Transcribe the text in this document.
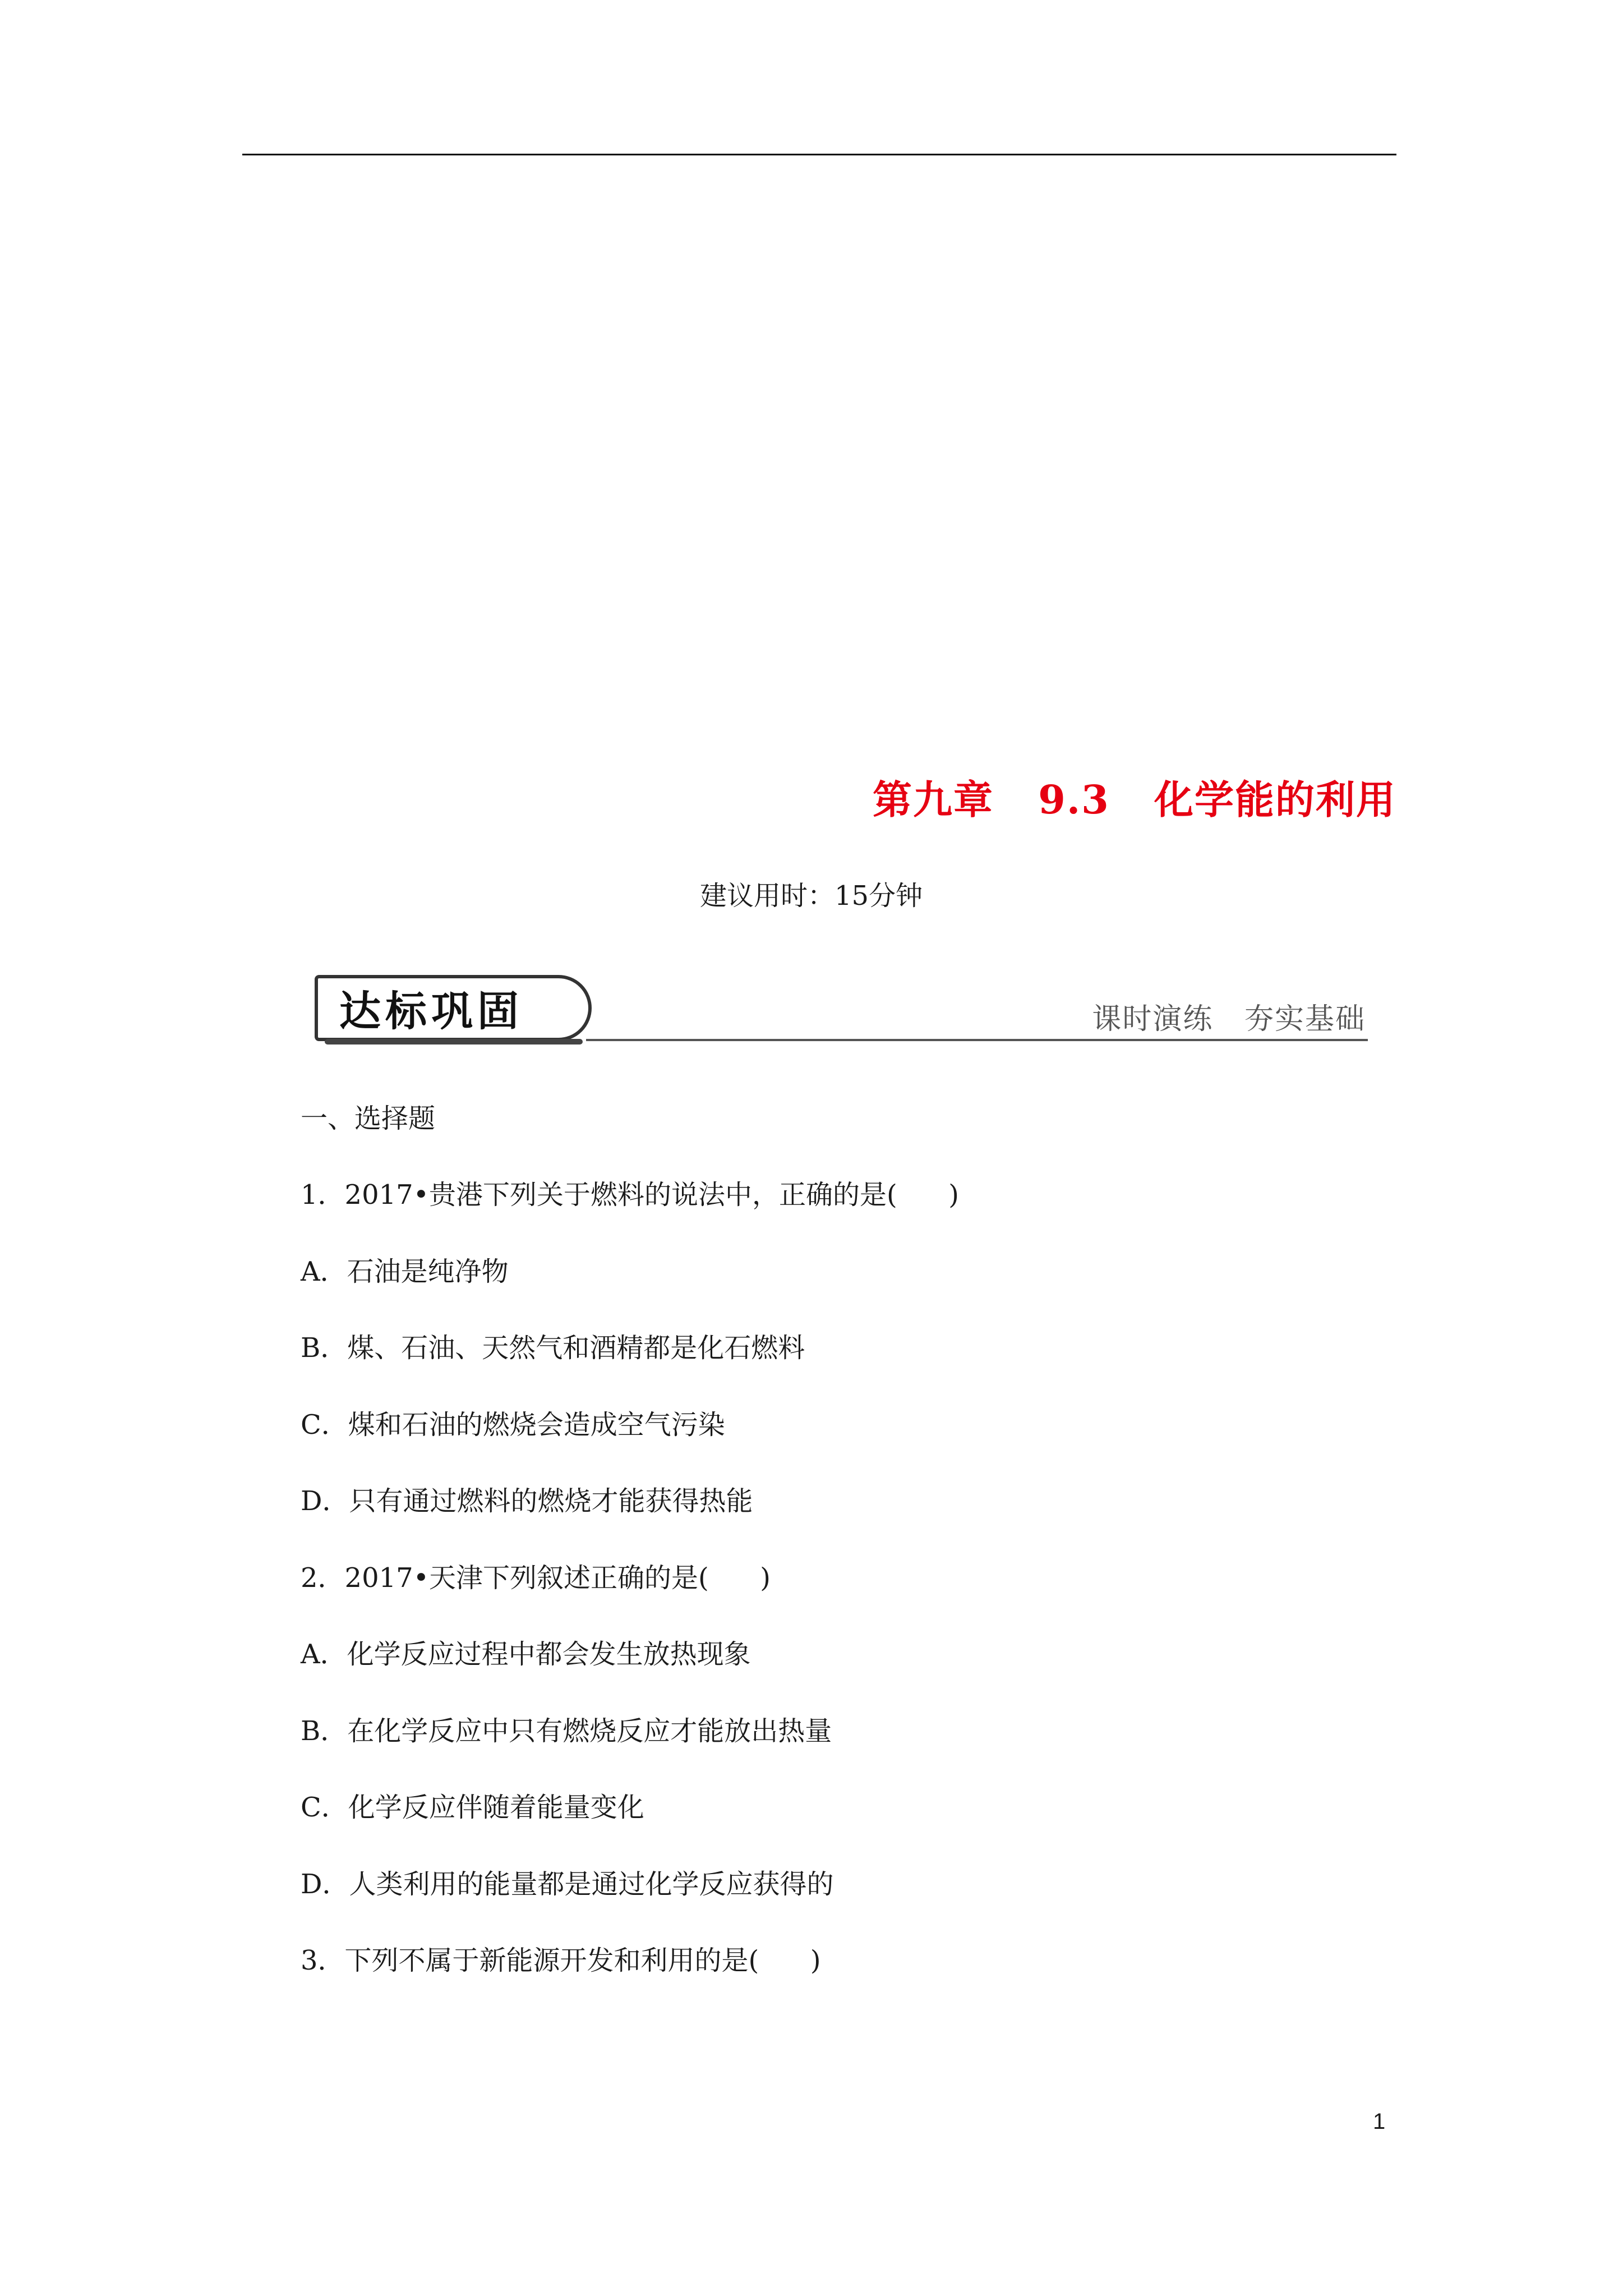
第九章   9.3   化学能的利用
建议用时：15分钟
达标巩固	课时演练   夯实基础
一、选择题
1．2017•贵港下列关于燃料的说法中，正确的是(      )
A．石油是纯净物
B．煤、石油、天然气和酒精都是化石燃料
C．煤和石油的燃烧会造成空气污染
D．只有通过燃料的燃烧才能获得热能
2．2017•天津下列叙述正确的是(      )
A．化学反应过程中都会发生放热现象
B．在化学反应中只有燃烧反应才能放出热量
C．化学反应伴随着能量变化
D．人类利用的能量都是通过化学反应获得的
3．下列不属于新能源开发和利用的是(      )
1
